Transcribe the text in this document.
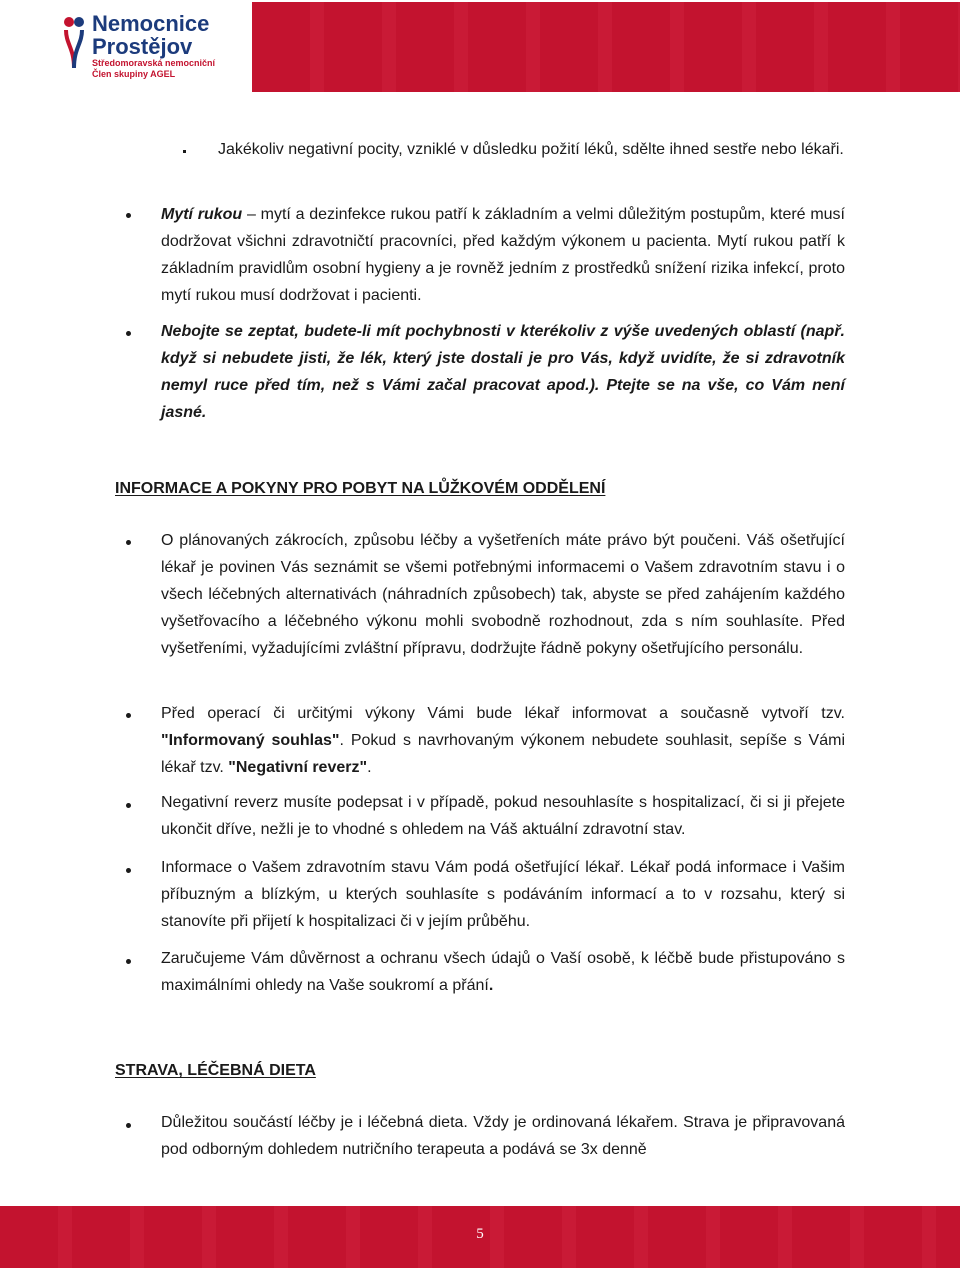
Nemocnice
Prostějov
Středomoravská nemocniční
Člen skupiny AGEL
Jakékoliv negativní pocity, vzniklé v důsledku požití léků, sdělte ihned sestře nebo lékaři.
Mytí rukou – mytí a dezinfekce rukou patří k základním a velmi důležitým postupům, které musí dodržovat všichni zdravotničtí pracovníci, před každým výkonem u pacienta. Mytí rukou patří k základním pravidlům osobní hygieny a je rovněž jedním z prostředků snížení rizika infekcí, proto mytí rukou musí dodržovat i pacienti.
Nebojte se zeptat, budete-li mít pochybnosti v kterékoliv z výše uvedených oblastí (např. když si nebudete jisti, že lék, který jste dostali je pro Vás, když uvidíte, že si zdravotník nemyl ruce před tím, než s Vámi začal pracovat apod.). Ptejte se na vše, co Vám není jasné.
INFORMACE A POKYNY PRO POBYT NA LŮŽKOVÉM ODDĚLENÍ
O plánovaných zákrocích, způsobu léčby a vyšetřeních máte právo být poučeni. Váš ošetřující lékař je povinen Vás seznámit se všemi potřebnými informacemi o Vašem zdravotním stavu i o všech léčebných alternativách (náhradních způsobech) tak, abyste se před zahájením každého vyšetřovacího a léčebného výkonu mohli svobodně rozhodnout, zda s ním souhlasíte. Před vyšetřeními, vyžadujícími zvláštní přípravu, dodržujte řádně pokyny ošetřujícího personálu.
Před operací či určitými výkony Vámi bude lékař informovat a současně vytvoří tzv. "Informovaný souhlas". Pokud s navrhovaným výkonem nebudete souhlasit, sepíše s Vámi lékař tzv. "Negativní reverz".
Negativní reverz musíte podepsat i v případě, pokud nesouhlasíte s hospitalizací, či si ji přejete ukončit dříve, nežli je to vhodné s ohledem na Váš aktuální zdravotní stav.
Informace o Vašem zdravotním stavu Vám podá ošetřující lékař. Lékař podá informace i Vašim příbuzným a blízkým, u kterých souhlasíte s podáváním informací a to v rozsahu, který si stanovíte při přijetí k hospitalizaci či v jejím průběhu.
Zaručujeme Vám důvěrnost a ochranu všech údajů o Vaší osobě, k léčbě bude přistupováno s maximálními ohledy na Vaše soukromí a přání.
STRAVA, LÉČEBNÁ DIETA
Důležitou součástí léčby je i léčebná dieta. Vždy je ordinovaná lékařem. Strava je připravovaná pod odborným dohledem nutričního terapeuta a podává se 3x denně
5
